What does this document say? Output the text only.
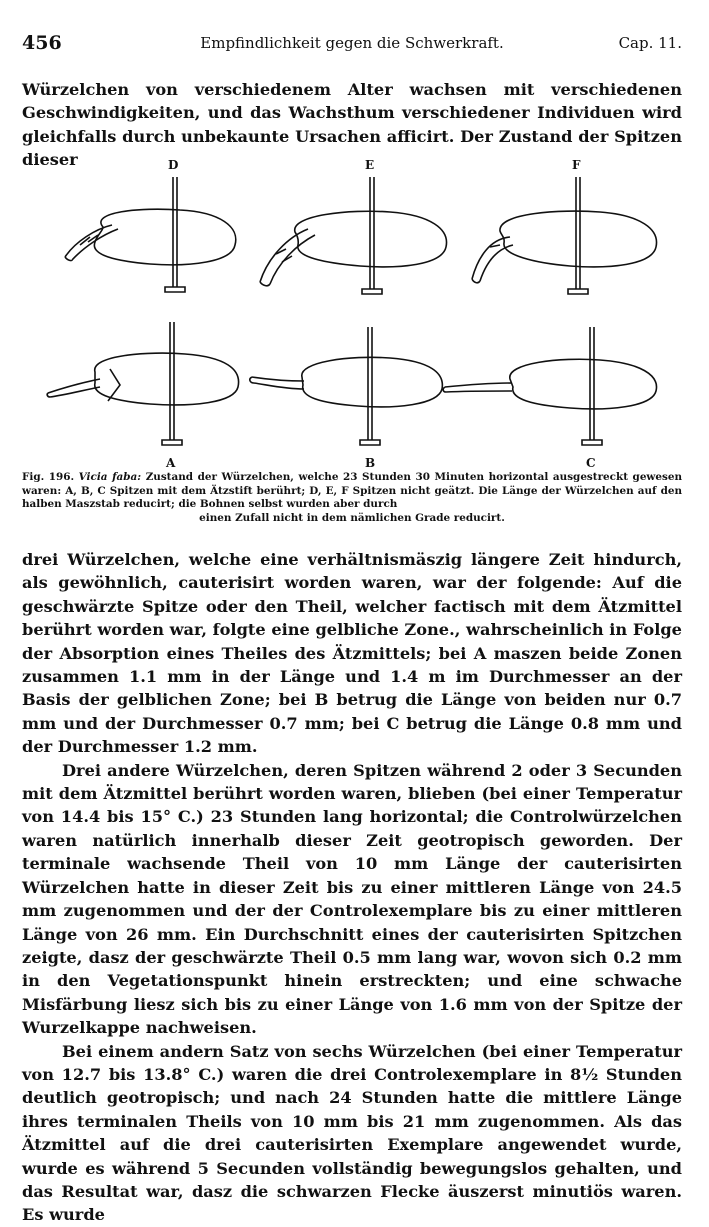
456	Empfindlichkeit gegen die Schwerkraft.	Cap. 11.

Würzelchen von verschiedenem Alter wachsen mit verschiedenen Geschwindigkeiten, und das Wachsthum verschiedener Individuen wird gleichfalls durch unbekaunte Ursachen afficirt. Der Zustand der Spitzen dieser	D	E	F
A	B	C
Fig. 196. Vicia faba: Zustand der Würzelchen, welche 23 Stunden 30 Minuten horizontal ausgestreckt gewesen waren: A, B, C Spitzen mit dem Ätzstift berührt; D, E, F Spitzen nicht geätzt. Die Länge der Würzelchen auf den halben Maszstab reducirt; die Bohnen selbst wurden aber durch
einen Zufall nicht in dem nämlichen Grade reducirt.

drei Würzelchen, welche eine verhältnismäszig längere Zeit hindurch, als gewöhnlich, cauterisirt worden waren, war der folgende: Auf die geschwärzte Spitze oder den Theil, welcher factisch mit dem Ätzmittel berührt worden war, folgte eine gelbliche Zone., wahrscheinlich in Folge der Absorption eines Theiles des Ätzmittels; bei A maszen beide Zonen zusammen 1.1 mm in der Länge und 1.4 m im Durchmesser an der Basis der gelblichen Zone; bei B betrug die Länge von beiden nur 0.7 mm und der Durchmesser 0.7 mm; bei C betrug die Länge 0.8 mm und der Durchmesser 1.2 mm.

Drei andere Würzelchen, deren Spitzen während 2 oder 3 Secunden mit dem Ätzmittel berührt worden waren, blieben (bei einer Temperatur von 14.4 bis 15° C.) 23 Stunden lang horizontal; die Controlwürzelchen waren natürlich innerhalb dieser Zeit geotropisch geworden. Der terminale wachsende Theil von 10 mm Länge der cauterisirten Würzelchen hatte in dieser Zeit bis zu einer mittleren Länge von 24.5 mm zugenommen und der der Controlexemplare bis zu einer mittleren Länge von 26 mm. Ein Durchschnitt eines der cauterisirten Spitzchen zeigte, dasz der geschwärzte Theil 0.5 mm lang war, wovon sich 0.2 mm in den Vegetationspunkt hinein erstreckten; und eine schwache Misfärbung liesz sich bis zu einer Länge von 1.6 mm von der Spitze der Wurzelkappe nachweisen.

Bei einem andern Satz von sechs Würzelchen (bei einer Temperatur von 12.7 bis 13.8° C.) waren die drei Controlexemplare in 8½ Stunden deutlich geotropisch; und nach 24 Stunden hatte die mittlere Länge ihres terminalen Theils von 10 mm bis 21 mm zugenommen. Als das Ätzmittel auf die drei cauterisirten Exemplare angewendet wurde, wurde es während 5 Secunden vollständig bewegungslos gehalten, und das Resultat war, dasz die schwarzen Flecke äuszerst minutiös waren. Es wurde
